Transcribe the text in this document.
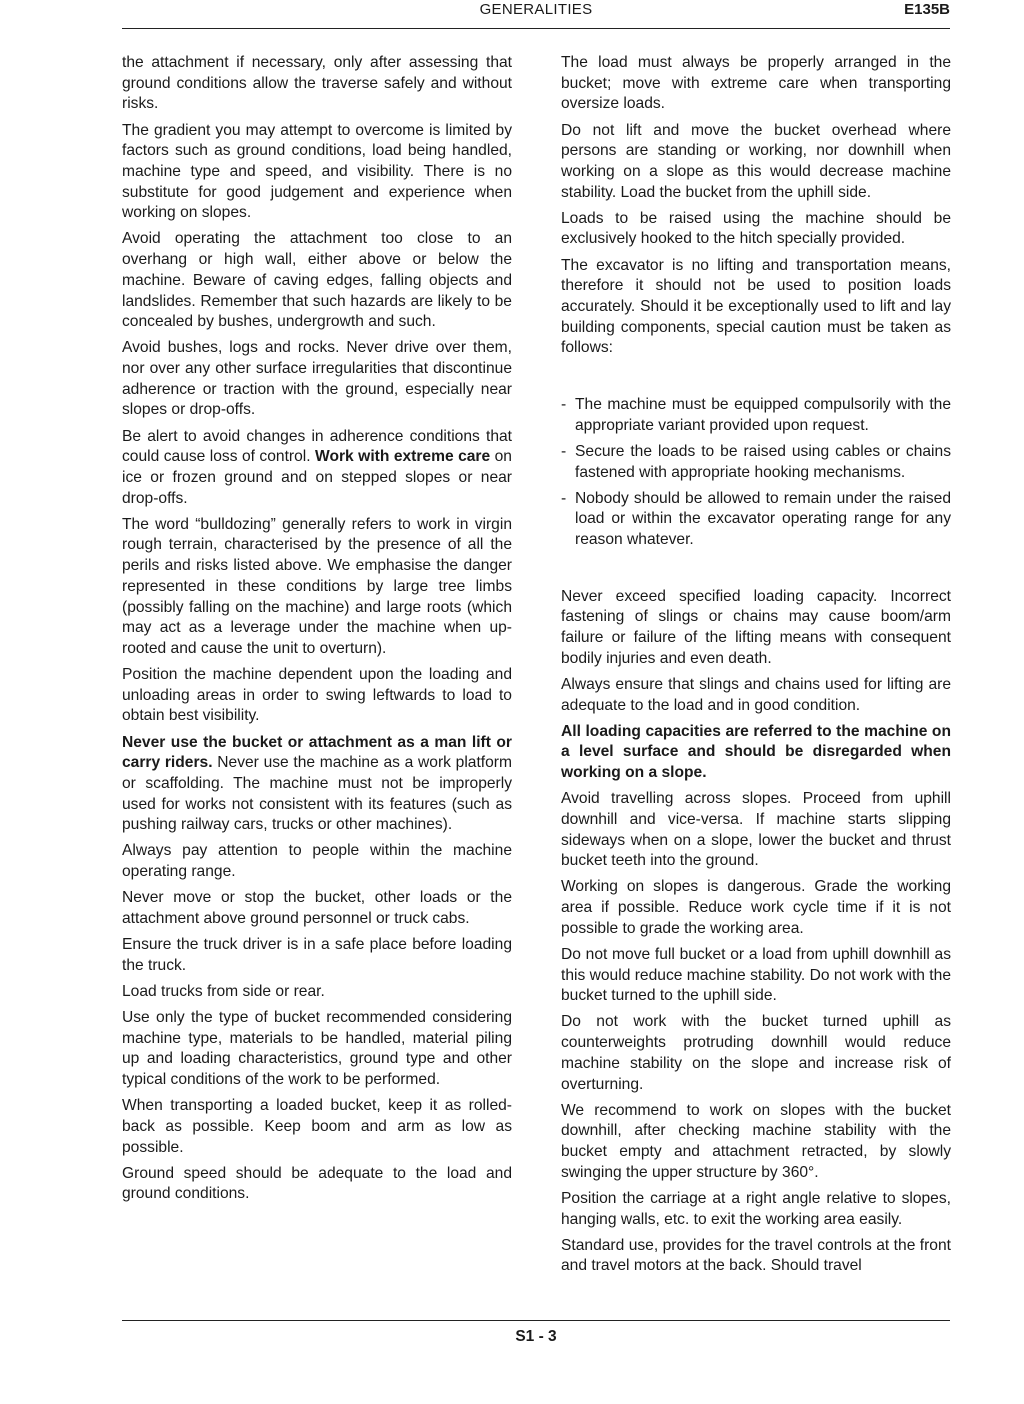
GENERALITIES	E135B

the attachment if necessary, only after assessing that ground conditions allow the traverse safely and without risks.

The gradient you may attempt to overcome is limited by factors such as ground conditions, load being handled, machine type and speed, and visibility. There is no substitute for good judgement and experience when working on slopes.

Avoid operating the attachment too close to an overhang or high wall, either above or below the machine. Beware of caving edges, falling objects and landslides. Remember that such hazards are likely to be concealed by bushes, undergrowth and such.

Avoid bushes, logs and rocks. Never drive over them, nor over any other surface irregularities that discontinue adherence or traction with the ground, especially near slopes or drop-offs.

Be alert to avoid changes in adherence conditions that could cause loss of control. Work with extreme care on ice or frozen ground and on stepped slopes or near drop-offs.

The word “bulldozing” generally refers to work in virgin rough terrain, characterised by the presence of all the perils and risks listed above. We emphasise the danger represented in these conditions by large tree limbs (possibly falling on the machine) and large roots (which may act as a leverage under the machine when up-rooted and cause the unit to overturn).

Position the machine dependent upon the loading and unloading areas in order to swing leftwards to load to obtain best visibility.

Never use the bucket or attachment as a man lift or carry riders. Never use the machine as a work platform or scaffolding. The machine must not be improperly used for works not consistent with its features (such as pushing railway cars, trucks or other machines).

Always pay attention to people within the machine operating range.

Never move or stop the bucket, other loads or the attachment above ground personnel or truck cabs.

Ensure the truck driver is in a safe place before loading the truck.

Load trucks from side or rear.

Use only the type of bucket recommended considering machine type, materials to be handled, material piling up and loading characteristics, ground type and other typical conditions of the work to be performed.

When transporting a loaded bucket, keep it as rolled-back as possible. Keep boom and arm as low as possible.

Ground speed should be adequate to the load and ground conditions.

The load must always be properly arranged in the bucket; move with extreme care when transporting oversize loads.

Do not lift and move the bucket overhead where persons are standing or working, nor downhill when working on a slope as this would decrease machine stability. Load the bucket from the uphill side.

Loads to be raised using the machine should be exclusively hooked to the hitch specially provided.

The excavator is no lifting and transportation means, therefore it should not be used to position loads accurately. Should it be exceptionally used to lift and lay building components, special caution must be taken as follows:

- The machine must be equipped compulsorily with the appropriate variant provided upon request.
- Secure the loads to be raised using cables or chains fastened with appropriate hooking mechanisms.
- Nobody should be allowed to remain under the raised load or within the excavator operating range for any reason whatever.

Never exceed specified loading capacity. Incorrect fastening of slings or chains may cause boom/arm failure or failure of the lifting means with consequent bodily injuries and even death.

Always ensure that slings and chains used for lifting are adequate to the load and in good condition.

All loading capacities are referred to the machine on a level surface and should be disregarded when working on a slope.

Avoid travelling across slopes. Proceed from uphill downhill and vice-versa. If machine starts slipping sideways when on a slope, lower the bucket and thrust bucket teeth into the ground.

Working on slopes is dangerous. Grade the working area if possible. Reduce work cycle time if it is not possible to grade the working area.

Do not move full bucket or a load from uphill downhill as this would reduce machine stability. Do not work with the bucket turned to the uphill side.

Do not work with the bucket turned uphill as counterweights protruding downhill would reduce machine stability on the slope and increase risk of overturning.

We recommend to work on slopes with the bucket downhill, after checking machine stability with the bucket empty and attachment retracted, by slowly swinging the upper structure by 360°.

Position the carriage at a right angle relative to slopes, hanging walls, etc. to exit the working area easily.

Standard use, provides for the travel controls at the front and travel motors at the back. Should travel

S1 - 3
